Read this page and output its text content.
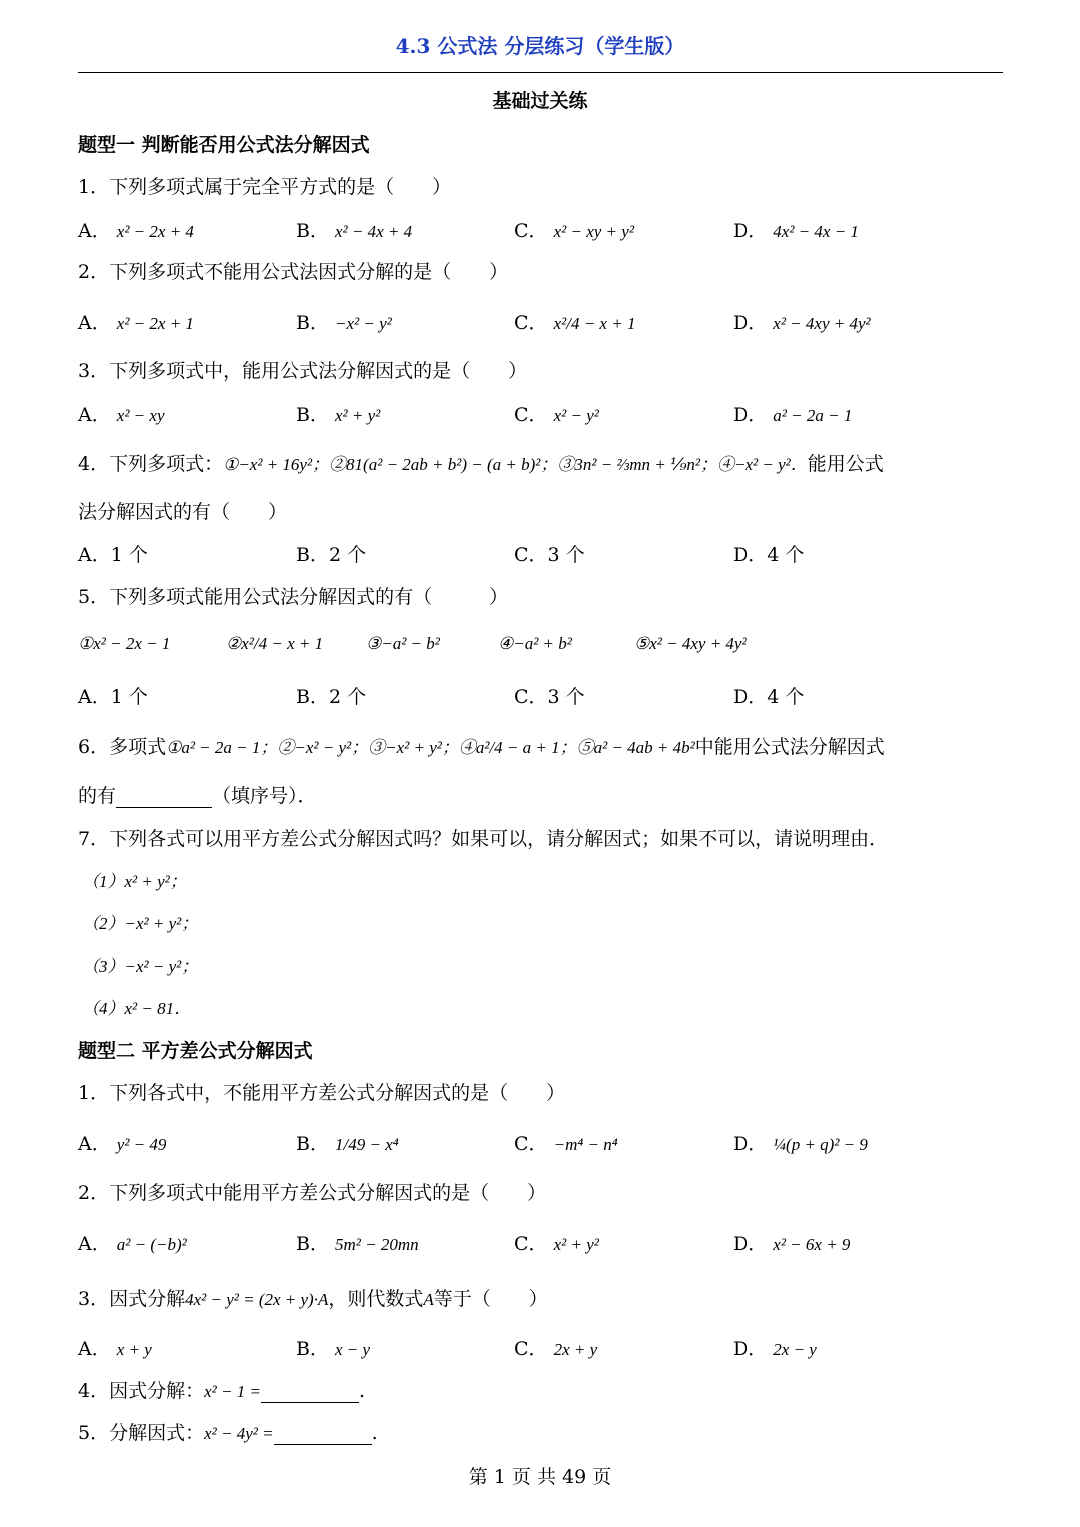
4.3 公式法 分层练习（学生版）
基础过关练
题型一 判断能否用公式法分解因式
1．下列多项式属于完全平方式的是（　　）
A． x² − 2x + 4	B． x² − 4x + 4	C． x² − xy + y²	D． 4x² − 4x − 1
2．下列多项式不能用公式法因式分解的是（　　）
A． x² − 2x + 1	B． −x² − y²	C． x²/4 − x + 1	D． x² − 4xy + 4y²
3．下列多项式中，能用公式法分解因式的是（　　）
A． x² − xy	B． x² + y²	C． x² − y²	D． a² − 2a − 1
4．下列多项式：①−x² + 16y²；②81(a² − 2ab + b²) − (a + b)²；③3n² − ⅔mn + ⅑n²；④−x² − y²．能用公式
法分解因式的有（　　）
A．1 个	B．2 个	C．3 个	D．4 个
5．下列多项式能用公式法分解因式的有（　　　）
①x² − 2x − 1	②x²/4 − x + 1	③−a² − b²	④−a² + b²	⑤x² − 4xy + 4y²
A．1 个	B．2 个	C．3 个	D．4 个
6．多项式①a² − 2a − 1；②−x² − y²；③−x² + y²；④a²/4 − a + 1；⑤a² − 4ab + 4b²中能用公式法分解因式
的有	（填序号）．
7．下列各式可以用平方差公式分解因式吗？如果可以，请分解因式；如果不可以，请说明理由．
（1）x² + y²；
（2）−x² + y²；
（3）−x² − y²；
（4）x² − 81．
题型二 平方差公式分解因式
1．下列各式中，不能用平方差公式分解因式的是（　　）
A． y² − 49	B． 1/49 − x⁴	C． −m⁴ − n⁴	D． ¼(p + q)² − 9
2．下列多项式中能用平方差公式分解因式的是（　　）
A． a² − (−b)²	B． 5m² − 20mn	C． x² + y²	D． x² − 6x + 9
3．因式分解4x² − y² = (2x + y)·A，则代数式A等于（　　）
A． x + y	B． x − y	C． 2x + y	D． 2x − y
4．因式分解：x² − 1 =	.
5．分解因式：x² − 4y² =	.
第 1 页 共 49 页
